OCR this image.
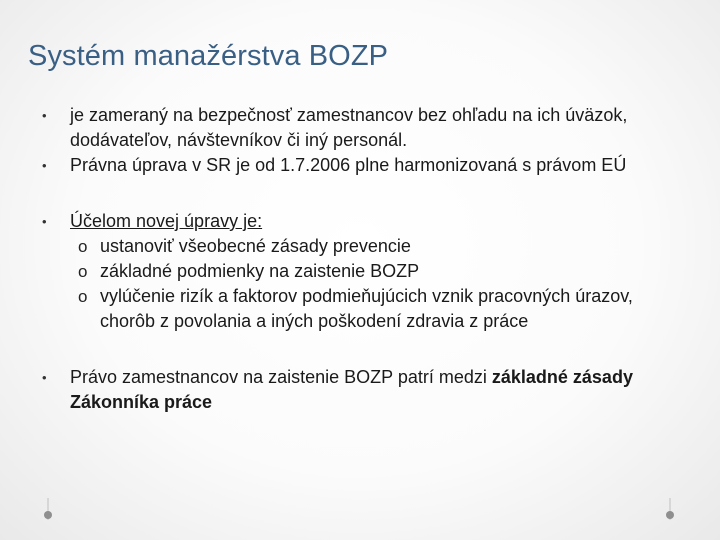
Systém manažérstva BOZP
•	je zameraný na bezpečnosť zamestnancov bez ohľadu na ich úväzok, dodávateľov, návštevníkov či iný personál.
•	Právna úprava v SR je od 1.7.2006 plne harmonizovaná s právom EÚ
•	Účelom novej úpravy je:
o ustanoviť všeobecné zásady prevencie
o základné podmienky na zaistenie BOZP
o vylúčenie rizík a faktorov podmieňujúcich vznik pracovných úrazov, chorôb z povolania a iných poškodení zdravia z práce
•	Právo zamestnancov na zaistenie BOZP patrí medzi základné zásady Zákonníka práce
